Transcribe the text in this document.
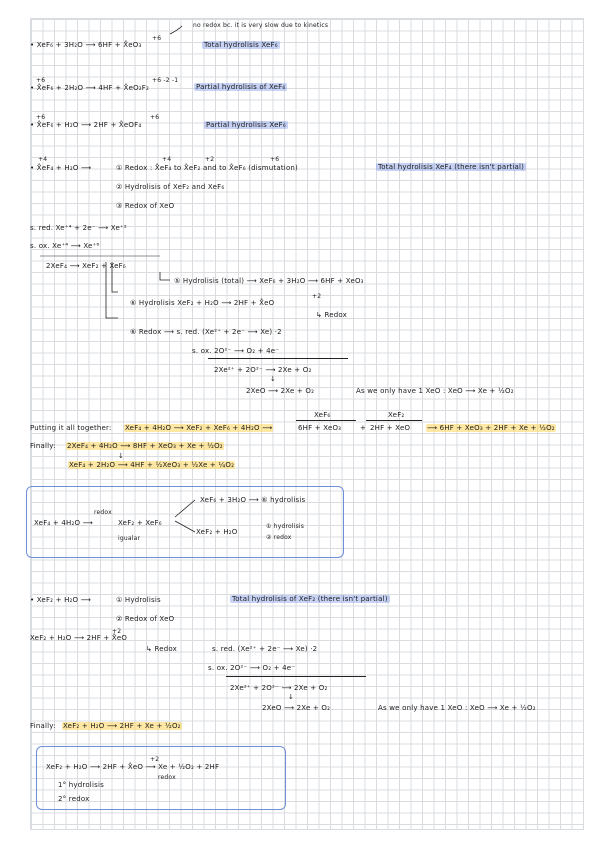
no redox bc. it is very slow due to kinetics
+6
• XeF₆ + 3H₂O ⟶ 6HF + X̊eO₃	Total hydrolisis XeF₆
+6	+6 -2 -1
• X̊eF₆ + 2H₂O ⟶ 4HF + X̊eO₂F₂	Partial hydrolisis of XeF₆
+6	+6
• X̊eF₆ + H₂O ⟶ 2HF + X̊eOF₄	Partial hydrolisis XeF₆
+4
• X̊eF₄ + H₂O ⟶
+4	+2	+6
① Redox : X̊eF₄ to X̊eF₂ and to X̊eF₆ (dismutation)	Total hydrolisis XeF₄ (there isn't partial)
② Hydrolisis of XeF₂ and XeF₆
③ Redox of XeO
s. red. Xe⁺⁴ + 2e⁻ ⟶ Xe⁺²
s. ox. Xe⁺⁴ ⟶ Xe⁺⁶
2XeF₄ ⟶ XeF₂ + XeF₆
⑤ Hydrolisis (total) ⟶ XeF₆ + 3H₂O ⟶ 6HF + XeO₃
+2
⑥ Hydrolisis XeF₂ + H₂O ⟶ 2HF + X̊eO
↳ Redox
⑥ Redox ⟶ s. red. (Xe²⁺ + 2e⁻ ⟶ Xe) ·2
s. ox. 2O²⁻ ⟶ O₂ + 4e⁻
2Xe²⁺ + 2O²⁻ ⟶ 2Xe + O₂
↓
2XeO ⟶ 2Xe + O₂	As we only have 1 XeO : XeO ⟶ Xe + ½O₂
Putting it all together: XeF₄ + 4H₂O ⟶ XeF₂ + XeF₆ + 4H₂O ⟶
XeF₆
6HF + XeO₃	+
XeF₂
2HF + XeO ⟶ 6HF + XeO₃ + 2HF + Xe + ½O₂
Finally: 2XeF₄ + 4H₂O ⟶ 8HF + XeO₃ + Xe + ½O₂
↓
XeF₄ + 2H₂O ⟶ 4HF + ½XeO₃ + ½Xe + ¼O₂
XeF₄ + 4H₂O ⟶
redox
XeF₂ + XeF₆
igualar
XeF₆ + 3H₂O ⟶ ⑥ hydrolisis
XeF₂ + H₂O
① hydrolisis
② redox
• XeF₂ + H₂O ⟶	① Hydrolisis	Total hydrolisis of XeF₂ (there isn't partial)
② Redox of XeO
+2
XeF₂ + H₂O ⟶ 2HF + X̊eO
↳ Redox	s. red. (Xe²⁺ + 2e⁻ ⟶ Xe) ·2
s. ox. 2O²⁻ ⟶ O₂ + 4e⁻
2Xe²⁺ + 2O²⁻ ⟶ 2Xe + O₂
↓
2XeO ⟶ 2Xe + O₂	As we only have 1 XeO : XeO ⟶ Xe + ½O₂
Finally: XeF₂ + H₂O ⟶ 2HF + Xe + ½O₂
+2
XeF₂ + H₂O ⟶ 2HF + X̊eO ⟶ Xe + ½O₂ + 2HF
redox
1° hydrolisis
2° redox
